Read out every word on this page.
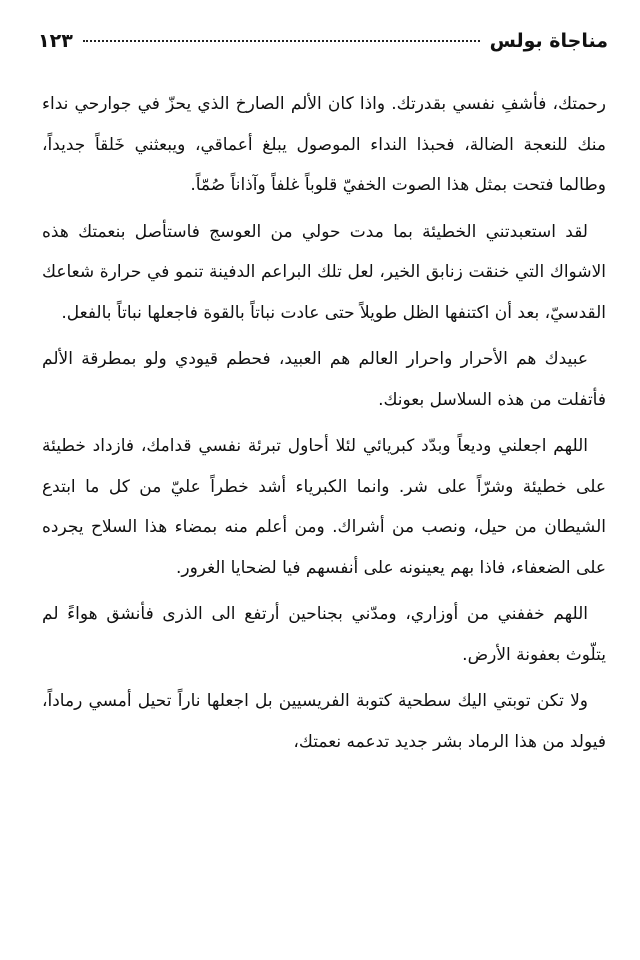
مناجاة بولس
١٢٣

رحمتك، فأشفِ نفسي بقدرتك. واذا كان الألم الصارخ الذي يحزّ في جوارحي نداء منك للنعجة الضالة، فحبذا النداء الموصول يبلغ أعماقي، ويبعثني خَلقاً جديداً، وطالما فتحت بمثل هذا الصوت الخفيّ قلوباً غلفاً وآذاناً صُمّاً.

لقد استعبدتني الخطيئة بما مدت حولي من العوسج فاستأصل بنعمتك هذه الاشواك التي خنقت زنابق الخير، لعل تلك البراعم الدفينة تنمو في حرارة شعاعك القدسيّ، بعد أن اكتنفها الظل طويلاً حتى عادت نباتاً بالقوة فاجعلها نباتاً بالفعل.

عبيدك هم الأحرار واحرار العالم هم العبيد، فحطم قيودي ولو بمطرقة الألم فأتفلت من هذه السلاسل بعونك.

اللهم اجعلني وديعاً وبدّد كبريائي لئلا أحاول تبرئة نفسي قدامك، فازداد خطيئة على خطيئة وشرّاً على شر. وانما الكبرياء أشد خطراً عليّ من كل ما ابتدع الشيطان من حيل، ونصب من أشراك. ومن أعلم منه بمضاء هذا السلاح يجرده على الضعفاء، فاذا بهم يعينونه على أنفسهم فيا لضحايا الغرور.

اللهم خففني من أوزاري، ومدّني بجناحين أرتفع الى الذرى فأنشق هواءً لم يتلّوث بعفونة الأرض.

ولا تكن توبتي اليك سطحية كتوبة الفريسيين بل اجعلها ناراً تحيل أمسي رماداً، فيولد من هذا الرماد بشر جديد تدعمه نعمتك،
